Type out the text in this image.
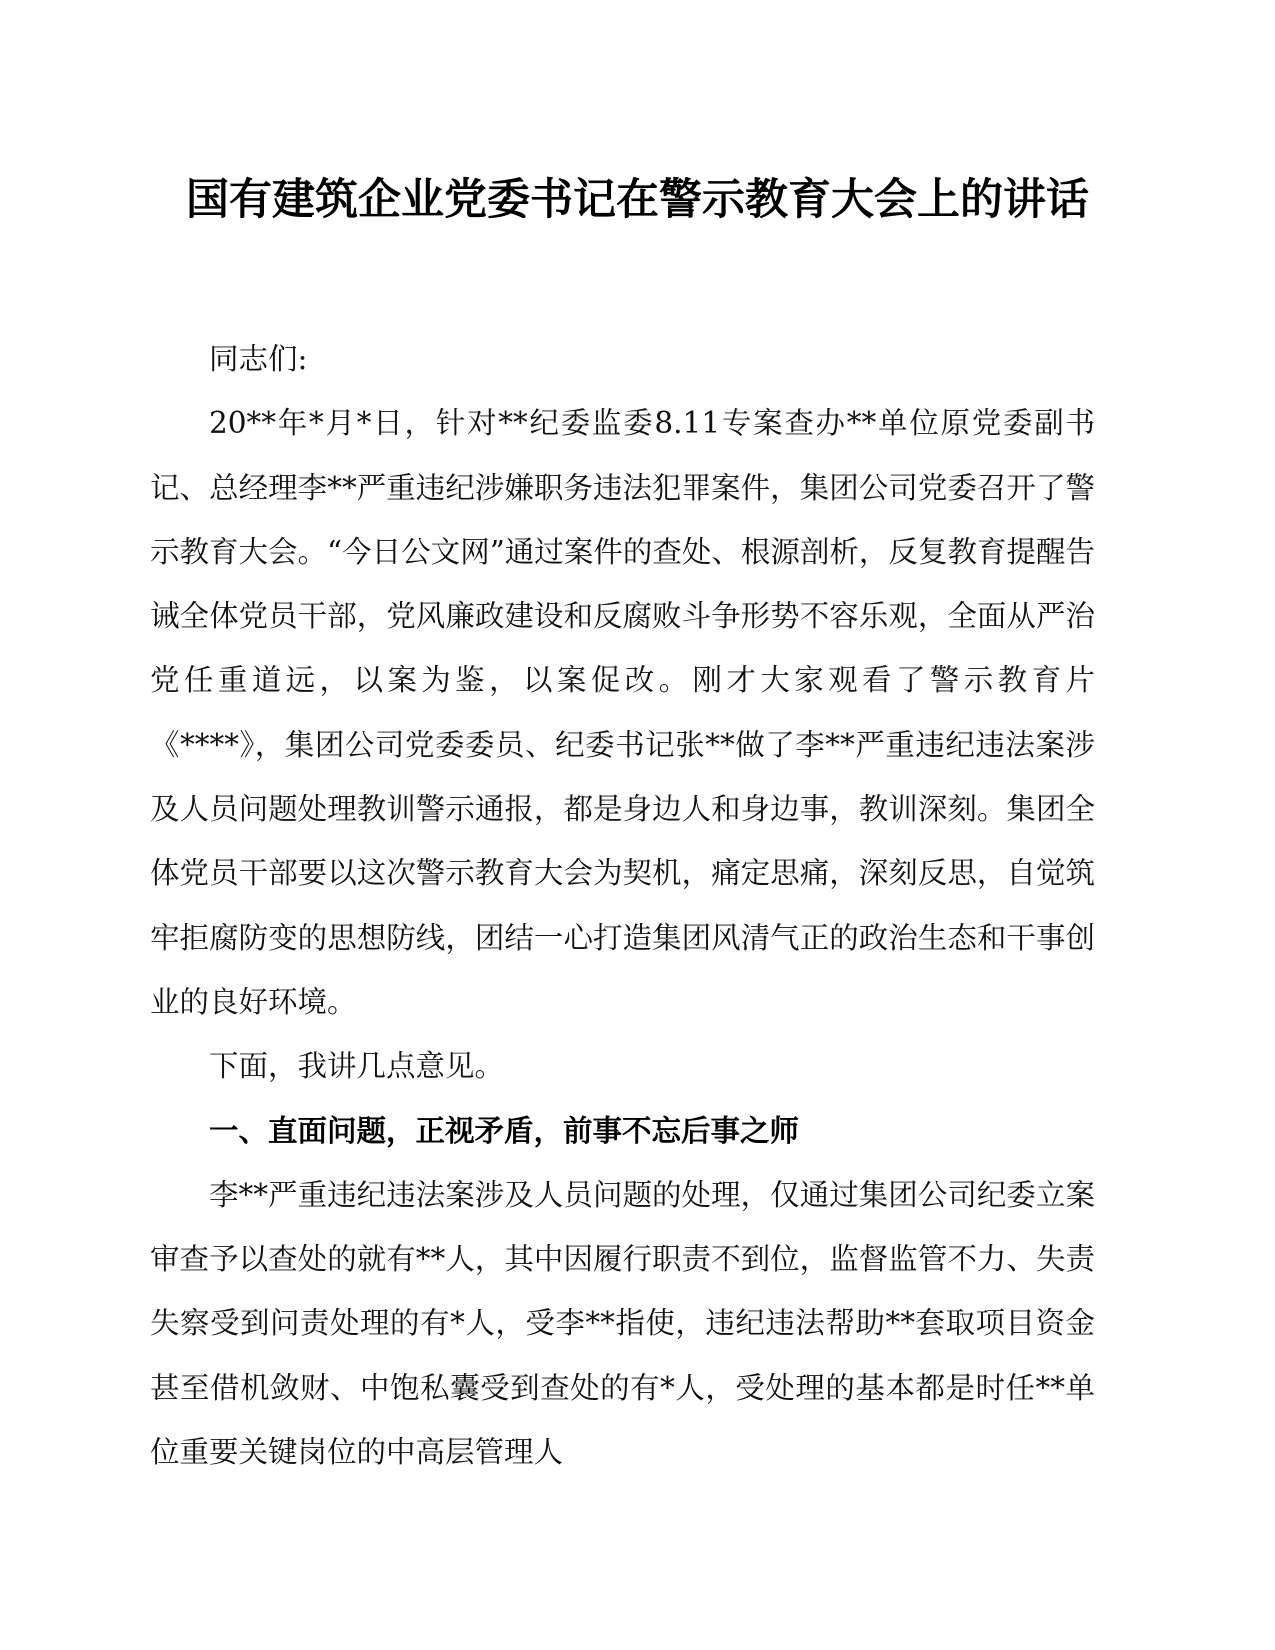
国有建筑企业党委书记在警示教育大会上的讲话

同志们:

20**年*月*日，针对**纪委监委8.11专案查办**单位原党委副书记、总经理李**严重违纪涉嫌职务违法犯罪案件，集团公司党委召开了警示教育大会。“今日公文网”通过案件的查处、根源剖析，反复教育提醒告诫全体党员干部，党风廉政建设和反腐败斗争形势不容乐观，全面从严治党任重道远，以案为鉴，以案促改。刚才大家观看了警示教育片《****》，集团公司党委委员、纪委书记张**做了李**严重违纪违法案涉及人员问题处理教训警示通报，都是身边人和身边事，教训深刻。集团全体党员干部要以这次警示教育大会为契机，痛定思痛，深刻反思，自觉筑牢拒腐防变的思想防线，团结一心打造集团风清气正的政治生态和干事创业的良好环境。

下面，我讲几点意见。

一、直面问题，正视矛盾，前事不忘后事之师

李**严重违纪违法案涉及人员问题的处理，仅通过集团公司纪委立案审查予以查处的就有**人，其中因履行职责不到位，监督监管不力、失责失察受到问责处理的有*人，受李**指使，违纪违法帮助**套取项目资金甚至借机敛财、中饱私囊受到查处的有*人，受处理的基本都是时任**单位重要关键岗位的中高层管理人
